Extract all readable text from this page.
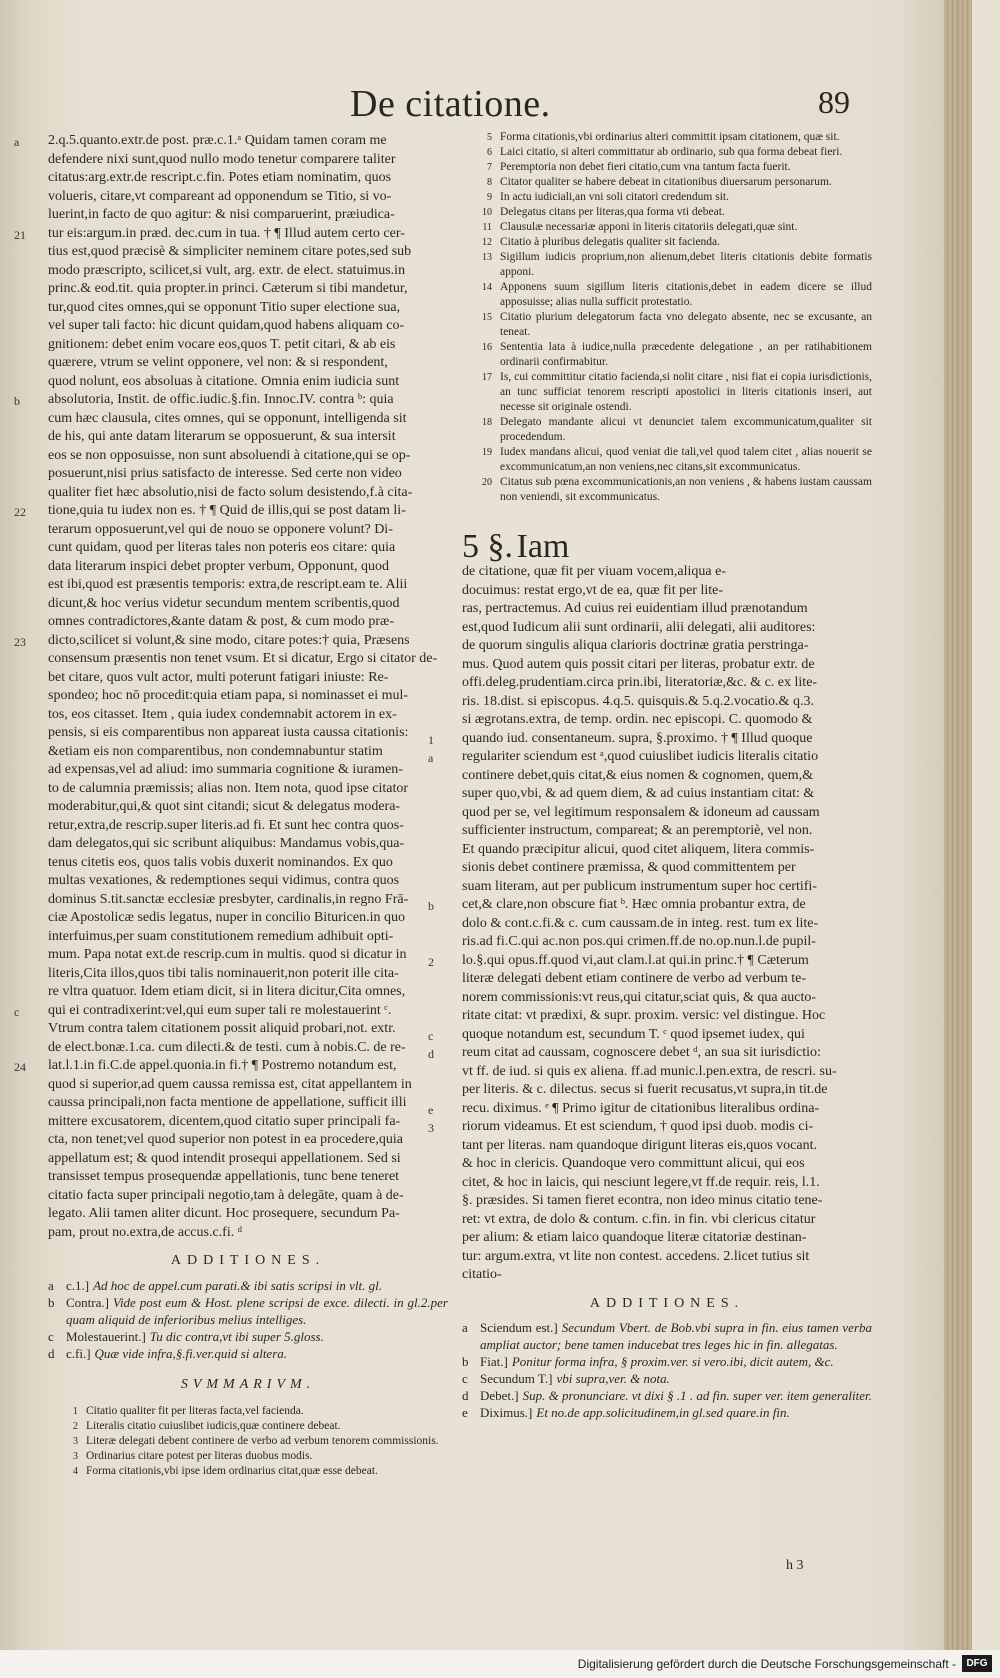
De citatione.	89
a 2.q.5.quanto.extr.de post. præ.c.1.ᵃ Quidam tamen coram me
defendere nixi sunt,quod nullo modo tenetur comparere taliter
citatus:arg.extr.de rescript.c.fin. Potes etiam nominatim, quos
volueris, citare,vt compareant ad opponendum se Titio, si vo-
luerint,in facto de quo agitur: & nisi comparuerint, præiudica-
21 tur eis:argum.in præd. dec.cum in tua. † ¶ Illud autem certo cer-
tius est,quod præcisè & simpliciter neminem citare potes,sed sub
modo præscripto, scilicet,si vult, arg. extr. de elect. statuimus.in
princ.& eod.tit. quia propter.in princi. Cæterum si tibi mandetur,
tur,quod cites omnes,qui se opponunt Titio super electione sua,
vel super tali facto: hic dicunt quidam,quod habens aliquam co-
gnitionem: debet enim vocare eos,quos T. petit citari, & ab eis
quærere, vtrum se velint opponere, vel non: & si respondent,
quod nolunt, eos absoluas à citatione. Omnia enim iudicia sunt
b absolutoria, Instit. de offic.iudic.§.fin. Innoc.IV. contra ᵇ: quia
cum hæc clausula, cites omnes, qui se opponunt, intelligenda sit
de his, qui ante datam literarum se opposuerunt, & sua intersit
eos se non opposuisse, non sunt absoluendi à citatione,qui se op-
posuerunt,nisi prius satisfacto de interesse. Sed certe non video
qualiter fiet hæc absolutio,nisi de facto solum desistendo,f.à cita-
22 tione,quia tu iudex non es. † ¶ Quid de illis,qui se post datam li-
terarum opposuerunt,vel qui de nouo se opponere volunt? Di-
cunt quidam, quod per literas tales non poteris eos citare: quia
data literarum inspici debet propter verbum, Opponunt, quod
est ibi,quod est præsentis temporis: extra,de rescript.eam te. Alii
dicunt,& hoc verius videtur secundum mentem scribentis,quod
omnes contradictores,&ante datam & post, & cum modo præ-
23 dicto,scilicet si volunt,& sine modo, citare potes:† quia, Præsens
consensum præsentis non tenet vsum. Et si dicatur, Ergo si citator de-
bet citare, quos vult actor, multi poterunt fatigari iniuste: Re-
spondeo; hoc nō procedit:quia etiam papa, si nominasset ei mul-
tos, eos citasset. Item , quia iudex condemnabit actorem in ex-
pensis, si eis comparentibus non appareat iusta caussa citationis:
&etiam eis non comparentibus, non condemnabuntur statim
ad expensas,vel ad aliud: imo summaria cognitione & iuramen-
to de calumnia præmissis; alias non. Item nota, quod ipse citator
moderabitur,qui,& quot sint citandi; sicut & delegatus modera-
retur,extra,de rescrip.super literis.ad fi. Et sunt hec contra quos-
dam delegatos,qui sic scribunt aliquibus: Mandamus vobis,qua-
tenus citetis eos, quos talis vobis duxerit nominandos. Ex quo
multas vexationes, & redemptiones sequi vidimus, contra quos
dominus S.tit.sanctæ ecclesiæ presbyter, cardinalis,in regno Frā-
ciæ Apostolicæ sedis legatus, nuper in concilio Bituricen.in quo
interfuimus,per suam constitutionem remedium adhibuit opti-
mum. Papa notat ext.de rescrip.cum in multis. quod si dicatur in
literis,Cita illos,quos tibi talis nominauerit,non poterit ille cita-
re vltra quatuor. Idem etiam dicit, si in litera dicitur,Cita omnes,
c qui ei contradixerint:vel,qui eum super tali re molestauerint ᶜ.
Vtrum contra talem citationem possit aliquid probari,not. extr.
de elect.bonæ.1.ca. cum dilecti.& de testi. cum à nobis.C. de re-
24 lat.l.1.in fi.C.de appel.quonia.in fi.† ¶ Postremo notandum est,
quod si superior,ad quem caussa remissa est, citat appellantem in
caussa principali,non facta mentione de appellatione, sufficit illi
mittere excusatorem, dicentem,quod citatio super principali fa-
cta, non tenet;vel quod superior non potest in ea procedere,quia
appellatum est; & quod intendit prosequi appellationem. Sed si
transisset tempus prosequendæ appellationis, tunc bene teneret
citatio facta super principali negotio,tam à delegāte, quam à de-
legato. Alii tamen aliter dicunt. Hoc prosequere, secundum Pa-
pam, prout no.extra,de accus.c.fi. ᵈ
ADDITIONES.
a c.1.] Ad hoc de appel.cum parati.& ibi satis scripsi in vlt. gl.
b Contra.] Vide post eum & Host. plene scripsi de exce. dilecti. in gl.2.per quam aliquid de inferioribus melius intelliges.
c Molestauerint.] Tu dic contra,vt ibi super 5.gloss.
d c.fi.] Quæ vide infra,§.fi.ver.quid si altera.
SVMMARIVM.
1 Citatio qualiter fit per literas facta,vel facienda.
2 Literalis citatio cuiuslibet iudicis,quæ continere debeat.
3 Literæ delegati debent continere de verbo ad verbum tenorem commissionis.
3 Ordinarius citare potest per literas duobus modis.
4 Forma citationis,vbi ipse idem ordinarius citat,quæ esse debeat.
5 Forma citationis,vbi ordinarius alteri committit ipsam citationem, quæ sit.
6 Laici citatio, si alteri committatur ab ordinario, sub qua forma debeat fieri.
7 Peremptoria non debet fieri citatio,cum vna tantum facta fuerit.
8 Citator qualiter se habere debeat in citationibus diuersarum personarum.
9 In actu iudiciali,an vni soli citatori credendum sit.
10 Delegatus citans per literas,qua forma vti debeat.
11 Clausulæ necessariæ apponi in literis citatoriis delegati,quæ sint.
12 Citatio à pluribus delegatis qualiter sit facienda.
13 Sigillum iudicis proprium,non alienum,debet literis citationis debite formatis apponi.
14 Apponens suum sigillum literis citationis,debet in eadem dicere se illud apposuisse; alias nulla sufficit protestatio.
15 Citatio plurium delegatorum facta vno delegato absente, nec se excusante, an teneat.
16 Sententia lata à iudice,nulla præcedente delegatione , an per ratihabitionem ordinarii confirmabitur.
17 Is, cui committitur citatio facienda,si nolit citare , nisi fiat ei copia iurisdictionis, an tunc sufficiat tenorem rescripti apostolici in literis citationis inseri, aut necesse sit originale ostendi.
18 Delegato mandante alicui vt denunciet talem excommunicatum,qualiter sit procedendum.
19 Iudex mandans alicui, quod veniat die tali,vel quod talem citet , alias nouerit se excommunicatum,an non veniens,nec citans,sit excommunicatus.
20 Citatus sub pœna excommunicationis,an non veniens , & habens iustam caussam non veniendi, sit excommunicatus.
5 §. Iam
de citatione, quæ fit per viuam vocem,aliqua e-
docuimus: restat ergo,vt de ea, quæ fit per lite-
ras, pertractemus. Ad cuius rei euidentiam illud prænotandum
est,quod Iudicum alii sunt ordinarii, alii delegati, alii auditores:
de quorum singulis aliqua clarioris doctrinæ gratia perstringa-
mus. Quod autem quis possit citari per literas, probatur extr. de
offi.deleg.prudentiam.circa prin.ibi, literatoriæ,&c. & c. ex lite-
ris. 18.dist. si episcopus. 4.q.5. quisquis.& 5.q.2.vocatio.& q.3.
si ægrotans.extra, de temp. ordin. nec episcopi. C. quomodo &
1 quando iud. consentaneum. supra, §.proximo. † ¶ Illud quoque
a regulariter sciendum est ᵃ,quod cuiuslibet iudicis literalis citatio
continere debet,quis citat,& eius nomen & cognomen, quem,&
super quo,vbi, & ad quem diem, & ad cuius instantiam citat: &
quod per se, vel legitimum responsalem & idoneum ad caussam
sufficienter instructum, compareat; & an peremptoriè, vel non.
Et quando præcipitur alicui, quod citet aliquem, litera commis-
sionis debet continere præmissa, & quod committentem per
suam literam, aut per publicum instrumentum super hoc certifi-
b cet,& clare,non obscure fiat ᵇ. Hæc omnia probantur extra, de
dolo & cont.c.fi.& c. cum caussam.de in integ. rest. tum ex lite-
ris.ad fi.C.qui ac.non pos.qui crimen.ff.de no.op.nun.l.de pupil-
2 lo.§.qui opus.ff.quod vi,aut clam.l.at qui.in princ.† ¶ Cæterum
literæ delegati debent etiam continere de verbo ad verbum te-
norem commissionis:vt reus,qui citatur,sciat quis, & qua aucto-
ritate citat: vt prædixi, & supr. proxim. versic: vel distingue. Hoc
c quoque notandum est, secundum T. ᶜ quod ipsemet iudex, qui
d reum citat ad caussam, cognoscere debet ᵈ, an sua sit iurisdictio:
vt ff. de iud. si quis ex aliena. ff.ad munic.l.pen.extra, de rescri. su-
per literis. & c. dilectus. secus si fuerit recusatus,vt supra,in tit.de
e recu. diximus. ᵉ ¶ Primo igitur de citationibus literalibus ordina-
3 riorum videamus. Et est sciendum, † quod ipsi duob. modis ci-
tant per literas. nam quandoque dirigunt literas eis,quos vocant.
& hoc in clericis. Quandoque vero committunt alicui, qui eos
citet, & hoc in laicis, qui nesciunt legere,vt ff.de requir. reis, l.1.
§. præsides. Si tamen fieret econtra, non ideo minus citatio tene-
ret: vt extra, de dolo & contum. c.fin. in fin. vbi clericus citatur
per alium: & etiam laico quandoque literæ citatoriæ destinan-
tur: argum.extra, vt lite non contest. accedens. 2.licet tutius sit
citatio-
ADDITIONES.
a Sciendum est.] Secundum Vbert. de Bob.vbi supra in fin. eius tamen verba ampliat auctor; bene tamen inducebat tres leges hic in fin. allegatas.
b Fiat.] Ponitur forma infra, § proxim.ver. si vero.ibi, dicit autem, &c.
c Secundum T.] vbi supra,ver. & nota.
d Debet.] Sup. & pronunciare. vt dixi § .1 . ad fin. super ver. item generaliter.
e Diximus.] Et no.de app.solicitudinem,in gl.sed quare.in fin.
h 3
Digitalisierung gefördert durch die Deutsche Forschungsgemeinschaft -	DFG
